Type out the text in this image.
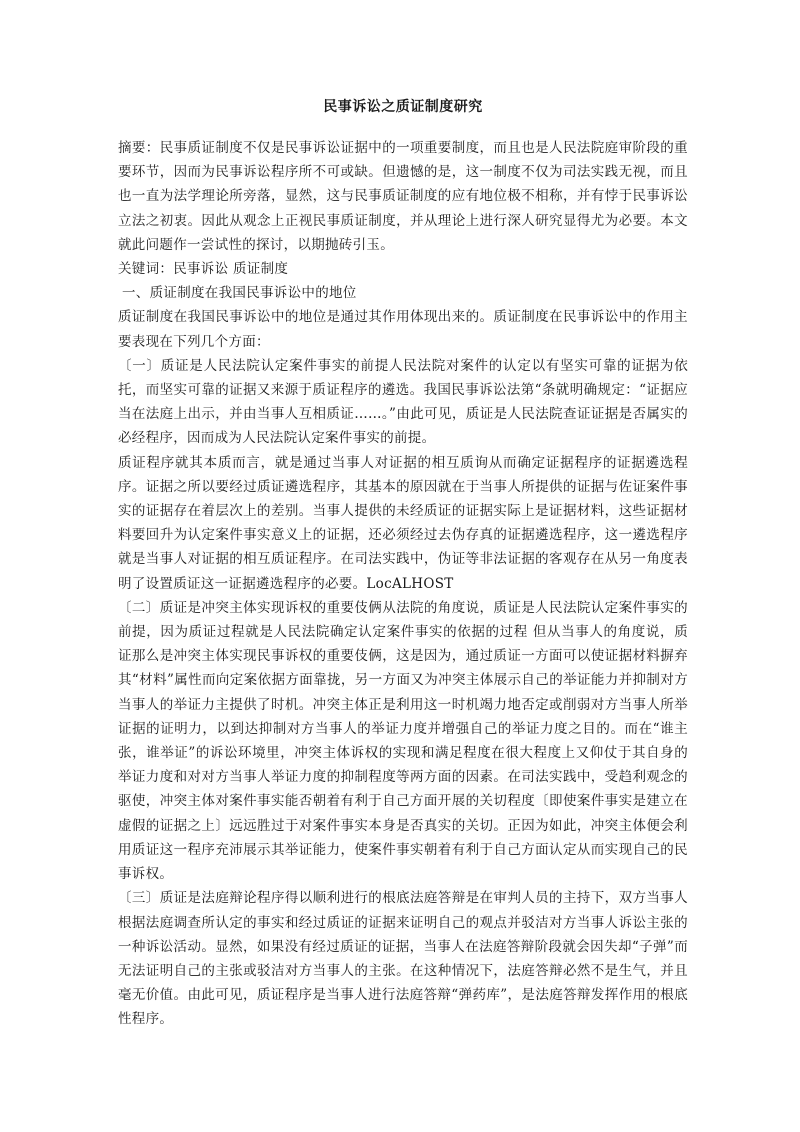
民事诉讼之质证制度研究

摘要：民事质证制度不仅是民事诉讼证据中的一项重要制度，而且也是人民法院庭审阶段的重要环节，因而为民事诉讼程序所不可或缺。但遗憾的是，这一制度不仅为司法实践无视，而且也一直为法学理论所旁落，显然，这与民事质证制度的应有地位极不相称，并有悖于民事诉讼立法之初衷。因此从观念上正视民事质证制度，并从理论上进行深人研究显得尤为必要。本文就此问题作一尝试性的探讨，以期抛砖引玉。

关键词：民事诉讼 质证制度

一、质证制度在我国民事诉讼中的地位

质证制度在我国民事诉讼中的地位是通过其作用体现出来的。质证制度在民事诉讼中的作用主要表现在下列几个方面：

〔一〕质证是人民法院认定案件事实的前提人民法院对案件的认定以有坚实可靠的证据为依托，而坚实可靠的证据又来源于质证程序的遴选。我国民事诉讼法第“条就明确规定：“证据应当在法庭上出示，并由当事人互相质证……。”由此可见，质证是人民法院查证证据是否属实的必经程序，因而成为人民法院认定案件事实的前提。

质证程序就其本质而言，就是通过当事人对证据的相互质询从而确定证据程序的证据遴选程序。证据之所以要经过质证遴选程序，其基本的原因就在于当事人所提供的证据与佐证案件事实的证据存在着层次上的差别。当事人提供的未经质证的证据实际上是证据材料，这些证据材料要回升为认定案件事实意义上的证据，还必须经过去伪存真的证据遴选程序，这一遴选程序就是当事人对证据的相互质证程序。在司法实践中，伪证等非法证据的客观存在从另一角度表明了设置质证这一证据遴选程序的必要。LocALHOST

〔二〕质证是冲突主体实现诉权的重要伎俩从法院的角度说，质证是人民法院认定案件事实的前提，因为质证过程就是人民法院确定认定案件事实的依据的过程 但从当事人的角度说，质证那么是冲突主体实现民事诉权的重要伎俩，这是因为，通过质证一方面可以使证据材料摒弃其“材料”属性而向定案依据方面靠拢，另一方面又为冲突主体展示自己的举证能力并抑制对方当事人的举证力主提供了时机。冲突主体正是利用这一时机竭力地否定或削弱对方当事人所举证据的证明力，以到达抑制对方当事人的举证力度并增强自己的举证力度之目的。而在“谁主张，谁举证”的诉讼环境里，冲突主体诉权的实现和满足程度在很大程度上又仰仗于其自身的举证力度和对对方当事人举证力度的抑制程度等两方面的因素。在司法实践中，受趋利观念的驱使，冲突主体对案件事实能否朝着有利于自己方面开展的关切程度〔即使案件事实是建立在虚假的证据之上〕远远胜过于对案件事实本身是否真实的关切。正因为如此，冲突主体便会利用质证这一程序充沛展示其举证能力，使案件事实朝着有利于自己方面认定从而实现自己的民事诉权。

〔三〕质证是法庭辩论程序得以顺利进行的根底法庭答辩是在审判人员的主持下，双方当事人根据法庭调查所认定的事实和经过质证的证据来证明自己的观点并驳洁对方当事人诉讼主张的一种诉讼活动。显然，如果没有经过质证的证据，当事人在法庭答辩阶段就会因失却“子弹”而无法证明自己的主张或驳洁对方当事人的主张。在这种情况下，法庭答辩必然不是生气，并且毫无价值。由此可见，质证程序是当事人进行法庭答辩“弹药库”，是法庭答辩发挥作用的根底性程序。
